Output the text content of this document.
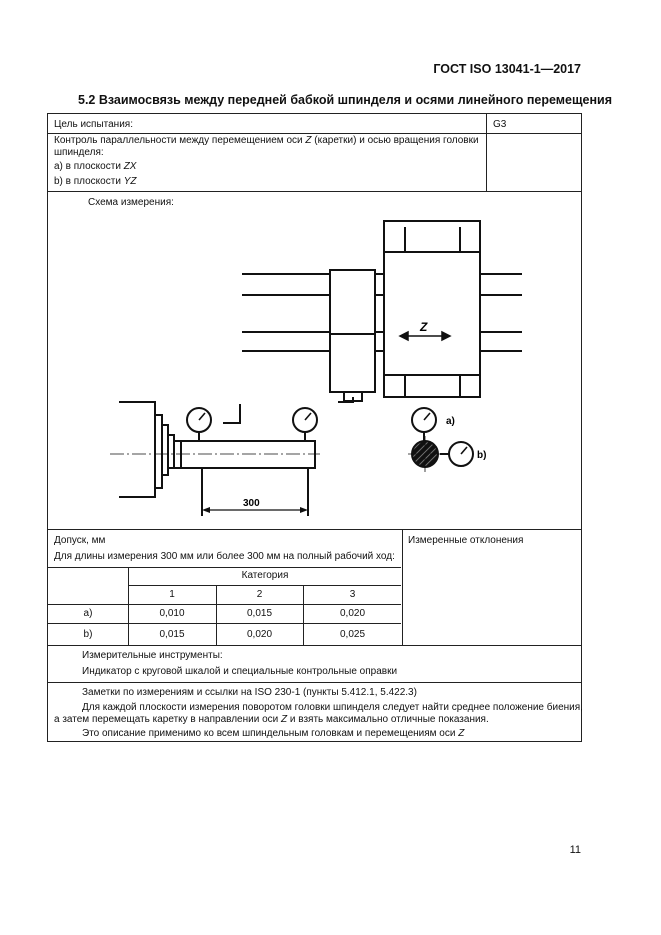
ГОСТ ISO 13041-1—2017
5.2 Взаимосвязь между передней бабкой шпинделя и осями линейного перемещения
Цель испытания:	G3
Контроль параллельности между перемещением оси Z (каретки) и осью вращения головки
шпинделя:
a) в плоскости ZX
b) в плоскости YZ
Схема измерения:
Z
300
a)
b)
Допуск, мм
Для длины измерения 300 мм или более 300 мм на полный рабочий ход:
Измеренные отклонения
Категория
1	2	3
a)	0,010	0,015	0,020
b)	0,015	0,020	0,025
Измерительные инструменты:
Индикатор с круговой шкалой и специальные контрольные оправки
Заметки по измерениям и ссылки на ISO 230-1 (пункты 5.412.1, 5.422.3)
Для каждой плоскости измерения поворотом головки шпинделя следует найти среднее положение биения,
а затем перемещать каретку в направлении оси Z и взять максимально отличные показания.
Это описание применимо ко всем шпиндельным головкам и перемещениям оси Z
11
